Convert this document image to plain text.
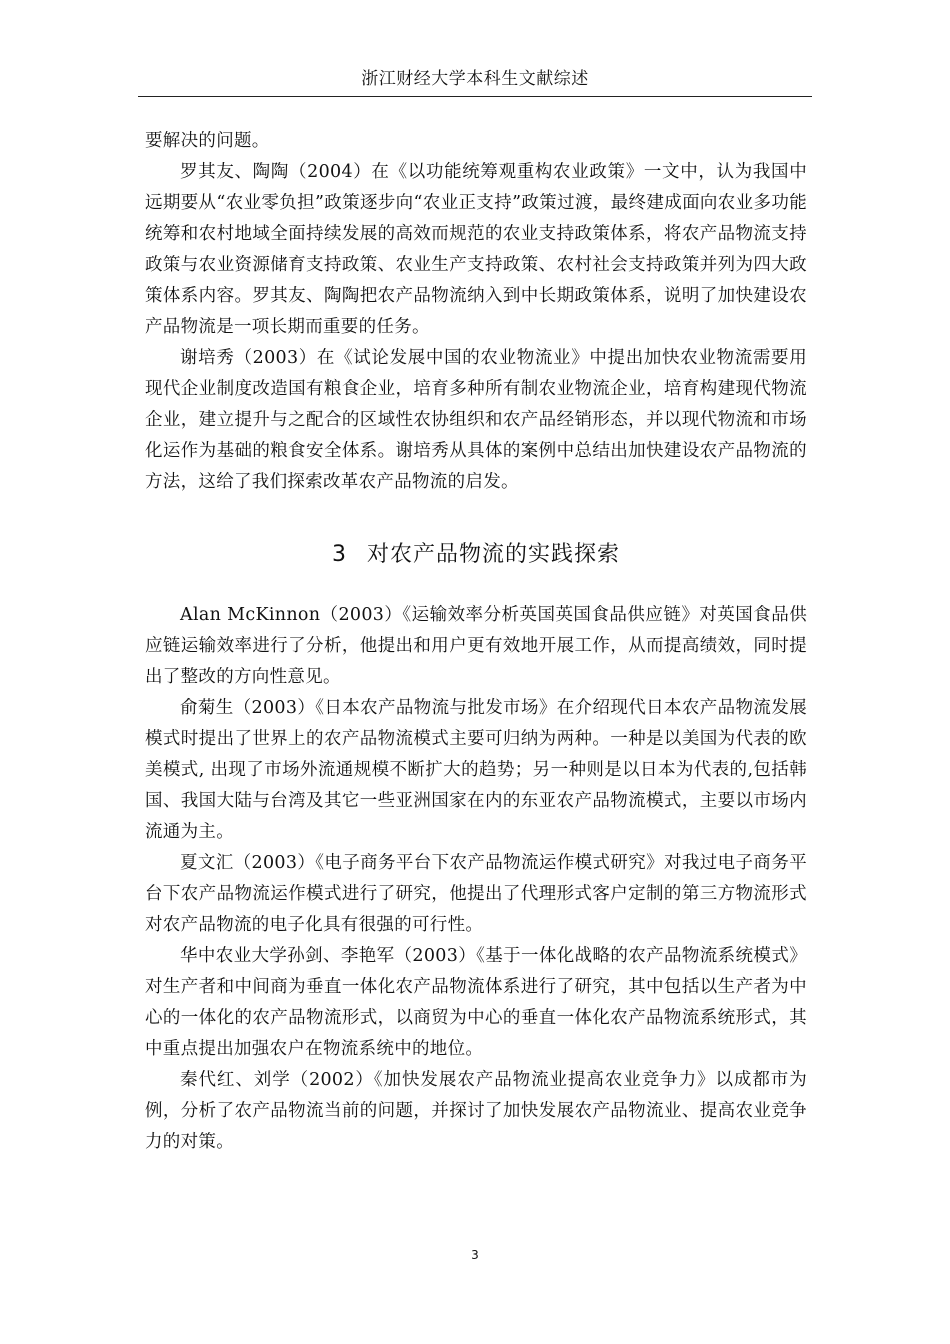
浙江财经大学本科生文献综述

要解决的问题。

罗其友、陶陶（2004）在《以功能统筹观重构农业政策》一文中，认为我国中远期要从“农业零负担”政策逐步向“农业正支持”政策过渡，最终建成面向农业多功能统筹和农村地域全面持续发展的高效而规范的农业支持政策体系，将农产品物流支持政策与农业资源储育支持政策、农业生产支持政策、农村社会支持政策并列为四大政策体系内容。罗其友、陶陶把农产品物流纳入到中长期政策体系，说明了加快建设农产品物流是一项长期而重要的任务。

谢培秀（2003）在《试论发展中国的农业物流业》中提出加快农业物流需要用现代企业制度改造国有粮食企业，培育多种所有制农业物流企业，培育构建现代物流企业，建立提升与之配合的区域性农协组织和农产品经销形态，并以现代物流和市场化运作为基础的粮食安全体系。谢培秀从具体的案例中总结出加快建设农产品物流的方法，这给了我们探索改革农产品物流的启发。

3 对农产品物流的实践探索

Alan McKinnon（2003）《运输效率分析英国英国食品供应链》对英国食品供应链运输效率进行了分析，他提出和用户更有效地开展工作，从而提高绩效，同时提出了整改的方向性意见。

俞菊生（2003）《日本农产品物流与批发市场》在介绍现代日本农产品物流发展模式时提出了世界上的农产品物流模式主要可归纳为两种。一种是以美国为代表的欧美模式, 出现了市场外流通规模不断扩大的趋势；另一种则是以日本为代表的,包括韩国、我国大陆与台湾及其它一些亚洲国家在内的东亚农产品物流模式，主要以市场内流通为主。

夏文汇（2003）《电子商务平台下农产品物流运作模式研究》对我过电子商务平台下农产品物流运作模式进行了研究，他提出了代理形式客户定制的第三方物流形式对农产品物流的电子化具有很强的可行性。

华中农业大学孙剑、李艳军（2003）《基于一体化战略的农产品物流系统模式》对生产者和中间商为垂直一体化农产品物流体系进行了研究，其中包括以生产者为中心的一体化的农产品物流形式，以商贸为中心的垂直一体化农产品物流系统形式，其中重点提出加强农户在物流系统中的地位。

秦代红、刘学（2002）《加快发展农产品物流业提高农业竞争力》以成都市为例，分析了农产品物流当前的问题，并探讨了加快发展农产品物流业、提高农业竞争力的对策。

3
